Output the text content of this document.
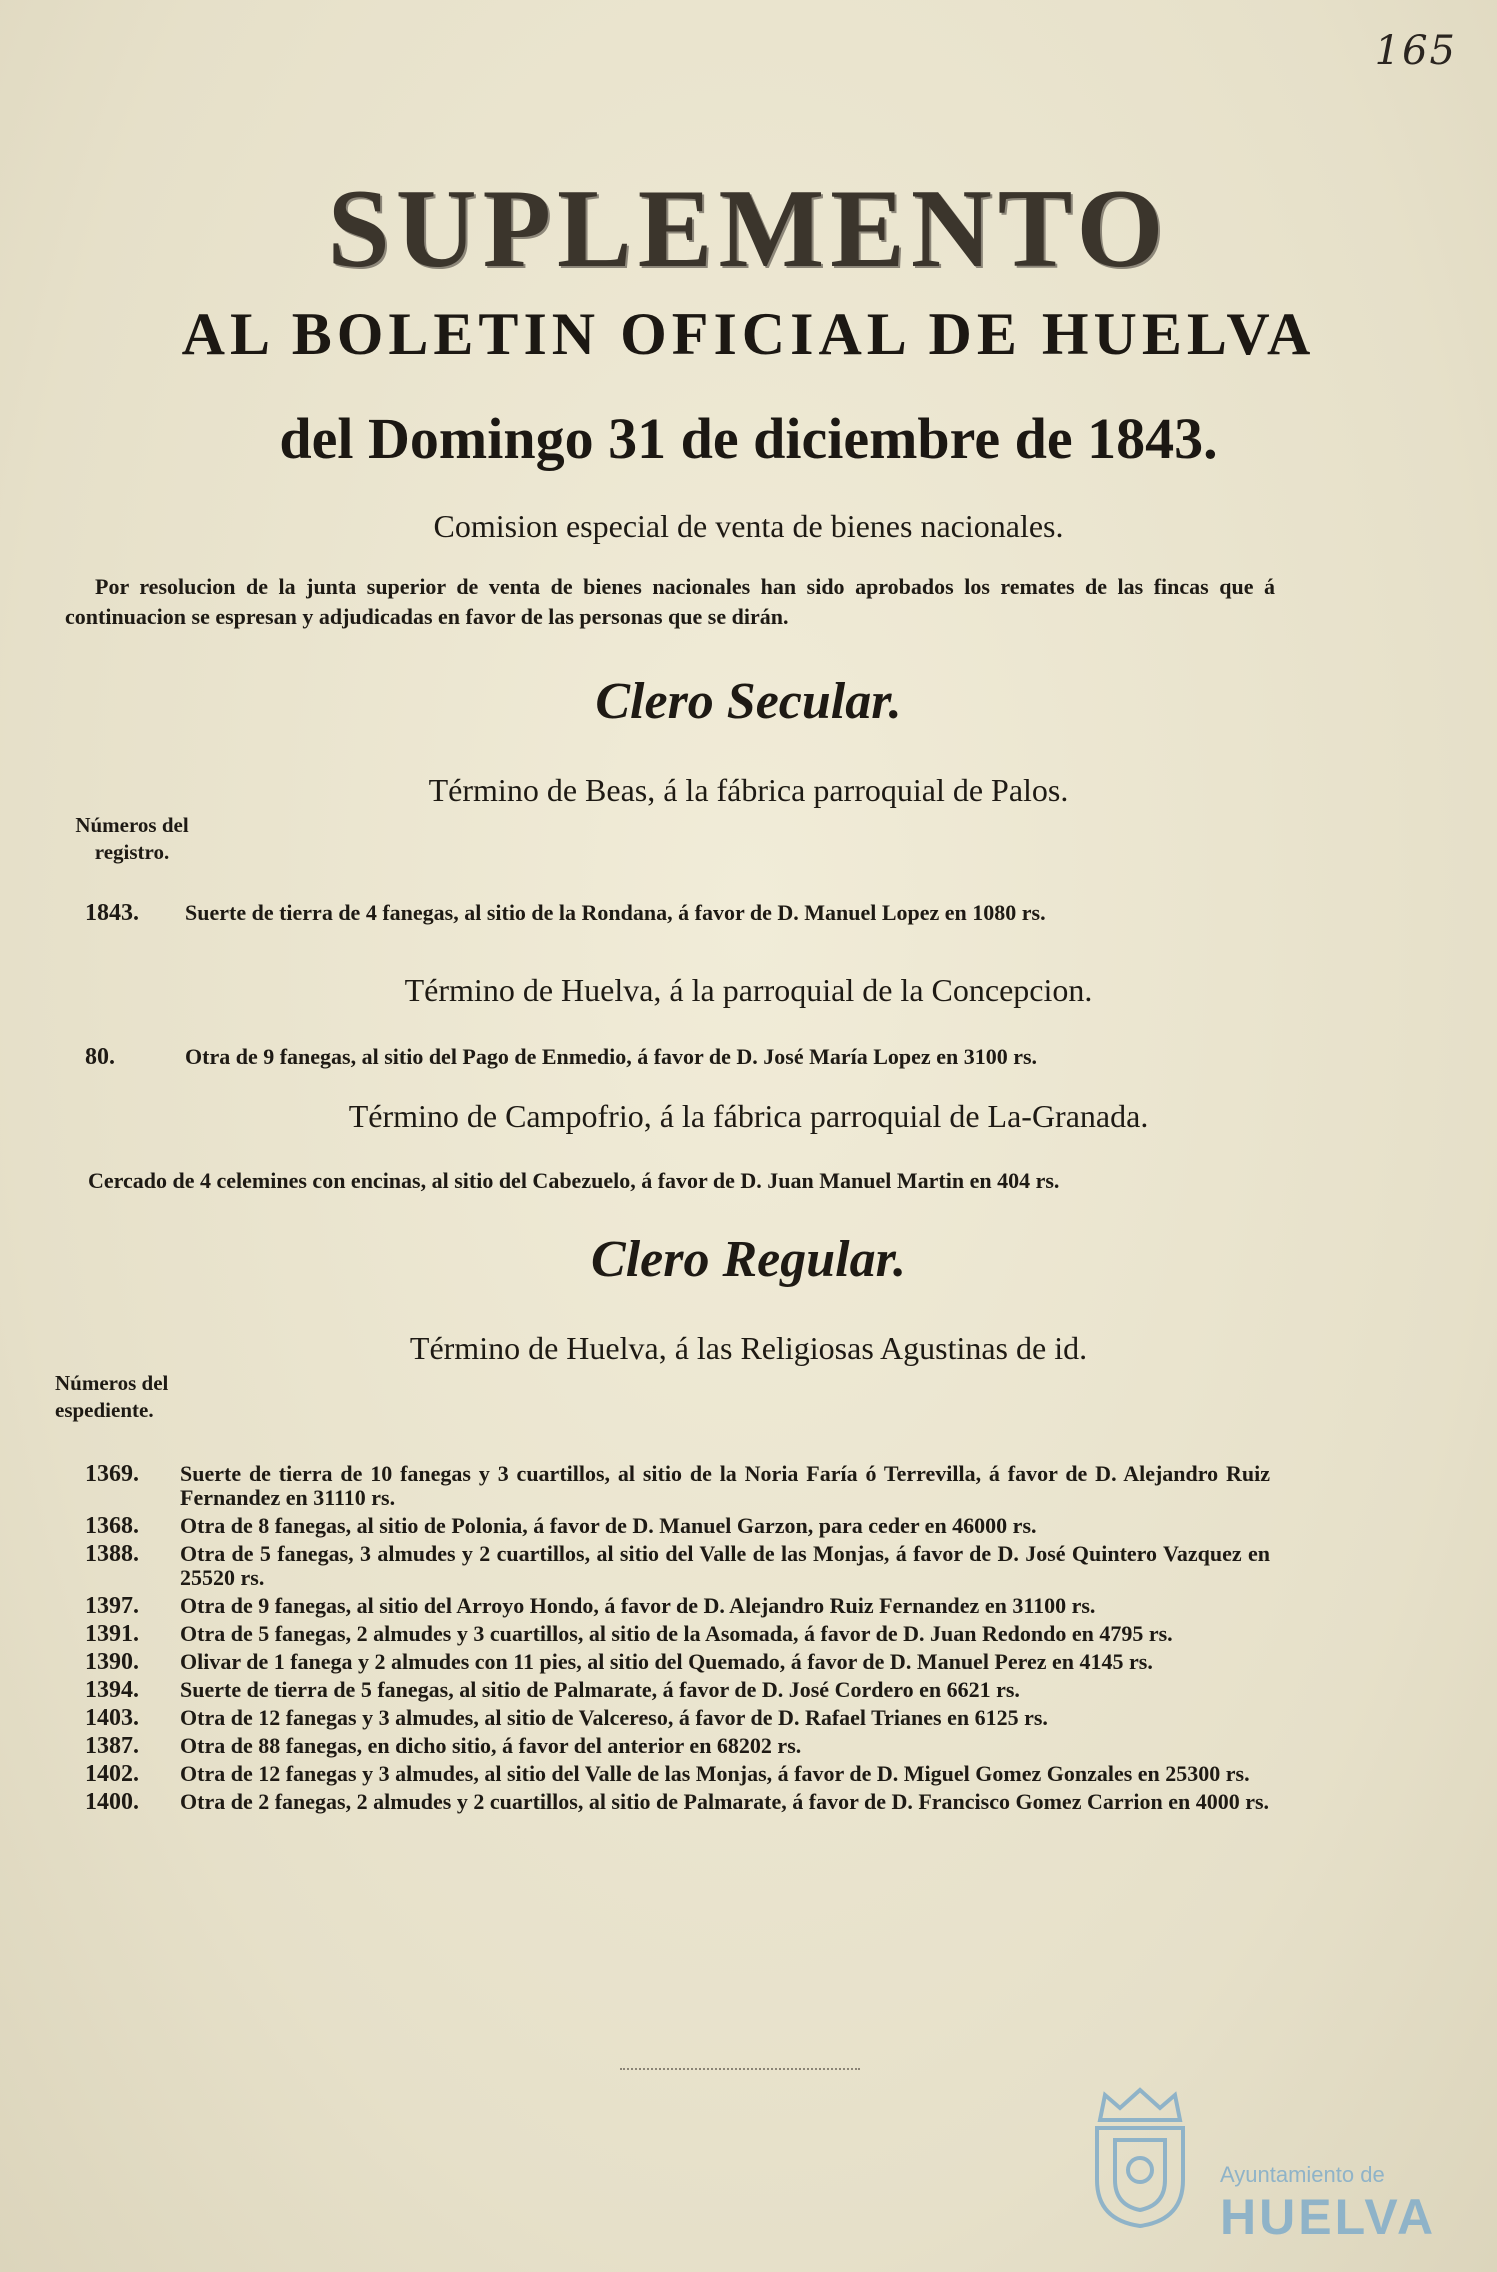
165
SUPLEMENTO
AL BOLETIN OFICIAL DE HUELVA
del Domingo 31 de diciembre de 1843.
Comision especial de venta de bienes nacionales.
Por resolucion de la junta superior de venta de bienes nacionales han sido aprobados los remates de las fincas que á continuacion se espresan y adjudicadas en favor de las personas que se dirán.
Clero Secular.
Término de Beas, á la fábrica parroquial de Palos.
Números del registro.
1843.	Suerte de tierra de 4 fanegas, al sitio de la Rondana, á favor de D. Manuel Lopez en 1080 rs.
Término de Huelva, á la parroquial de la Concepcion.
80.	Otra de 9 fanegas, al sitio del Pago de Enmedio, á favor de D. José María Lopez en 3100 rs.
Término de Campofrio, á la fábrica parroquial de La-Granada.
Cercado de 4 celemines con encinas, al sitio del Cabezuelo, á favor de D. Juan Manuel Martin en 404 rs.
Clero Regular.
Término de Huelva, á las Religiosas Agustinas de id.
Números del espediente.
1369.	Suerte de tierra de 10 fanegas y 3 cuartillos, al sitio de la Noria Faría ó Terrevilla, á favor de D. Alejandro Ruiz Fernandez en 31110 rs.
1368.	Otra de 8 fanegas, al sitio de Polonia, á favor de D. Manuel Garzon, para ceder en 46000 rs.
1388.	Otra de 5 fanegas, 3 almudes y 2 cuartillos, al sitio del Valle de las Monjas, á favor de D. José Quintero Vazquez en 25520 rs.
1397.	Otra de 9 fanegas, al sitio del Arroyo Hondo, á favor de D. Alejandro Ruiz Fernandez en 31100 rs.
1391.	Otra de 5 fanegas, 2 almudes y 3 cuartillos, al sitio de la Asomada, á favor de D. Juan Redondo en 4795 rs.
1390.	Olivar de 1 fanega y 2 almudes con 11 pies, al sitio del Quemado, á favor de D. Manuel Perez en 4145 rs.
1394.	Suerte de tierra de 5 fanegas, al sitio de Palmarate, á favor de D. José Cordero en 6621 rs.
1403.	Otra de 12 fanegas y 3 almudes, al sitio de Valcereso, á favor de D. Rafael Trianes en 6125 rs.
1387.	Otra de 88 fanegas, en dicho sitio, á favor del anterior en 68202 rs.
1402.	Otra de 12 fanegas y 3 almudes, al sitio del Valle de las Monjas, á favor de D. Miguel Gomez Gonzales en 25300 rs.
1400.	Otra de 2 fanegas, 2 almudes y 2 cuartillos, al sitio de Palmarate, á favor de D. Francisco Gomez Carrion en 4000 rs.
Ayuntamiento de
HUELVA
